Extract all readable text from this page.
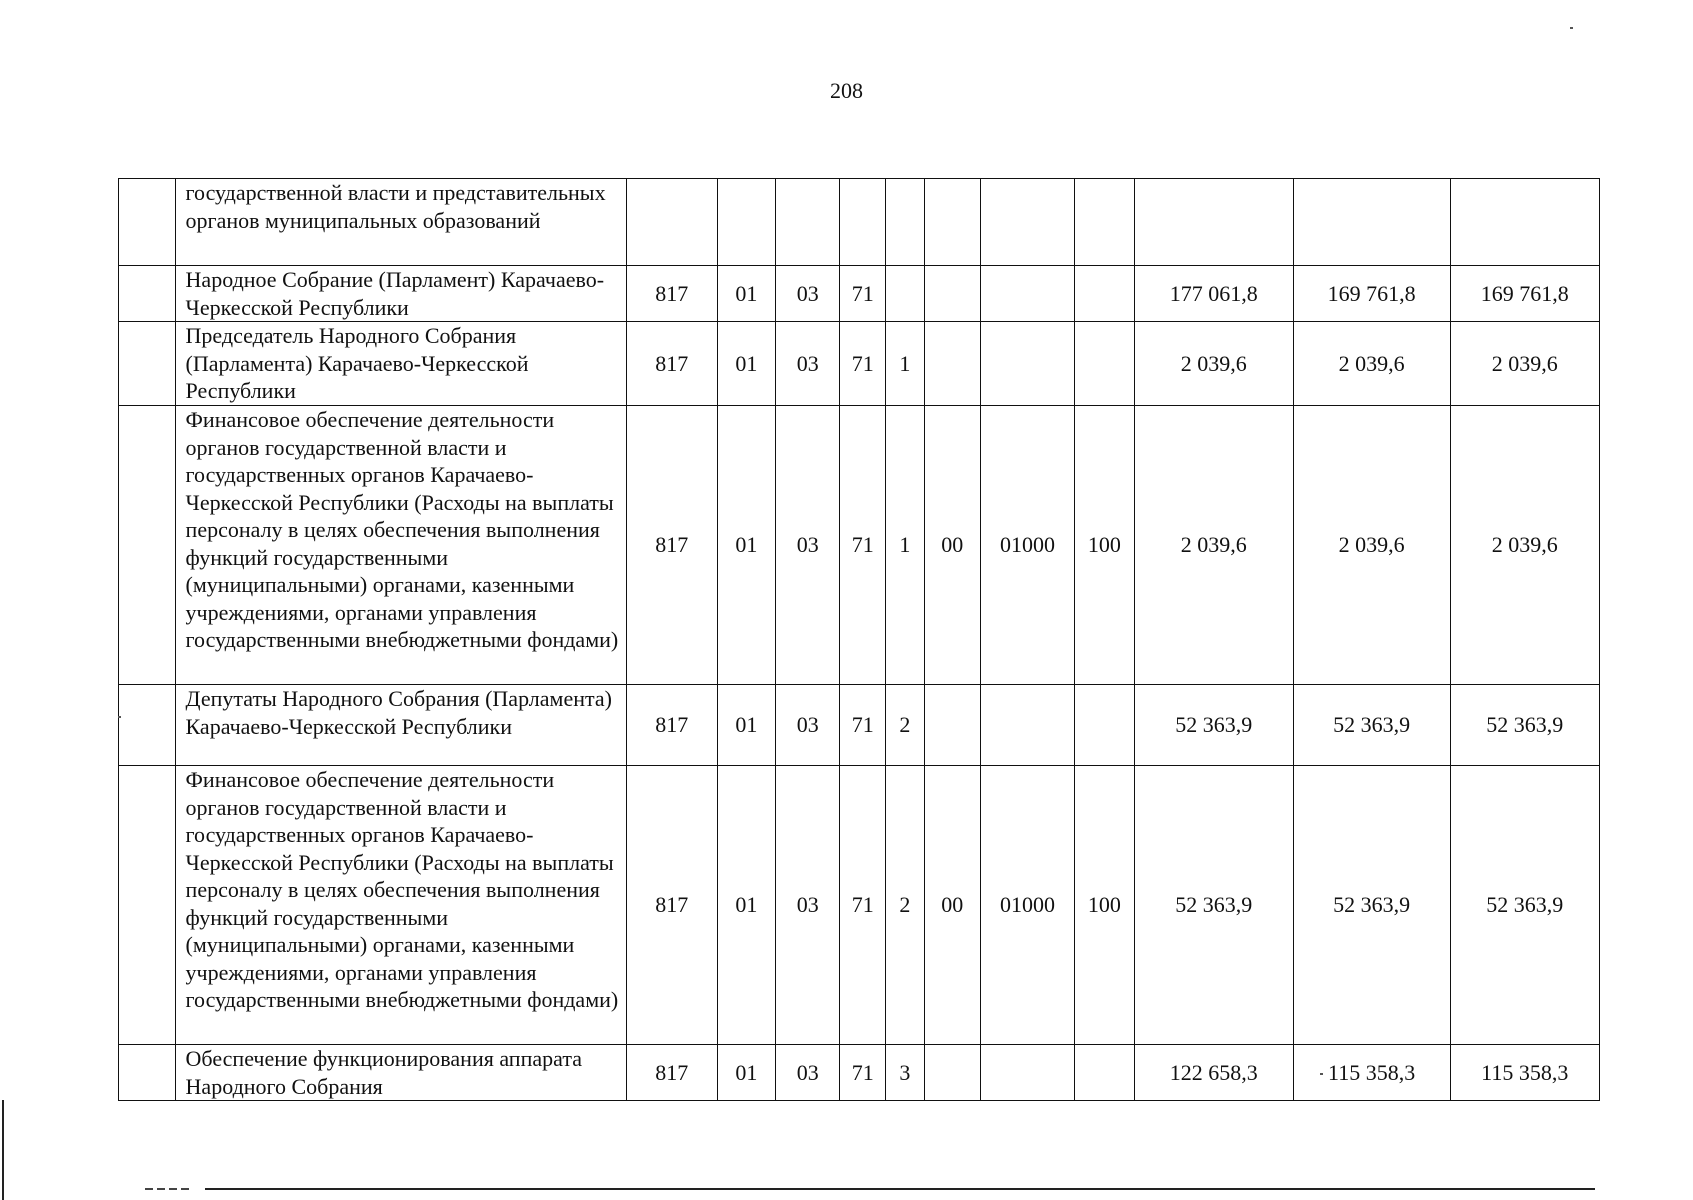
208
	государственной власти и представительных органов муниципальных образований											
	Народное Собрание (Парламент) Карачаево-Черкесской Республики	817	01	03	71					177 061,8	169 761,8	169 761,8
	Председатель Народного Собрания (Парламента) Карачаево-Черкесской Республики	817	01	03	71	1				2 039,6	2 039,6	2 039,6
	Финансовое обеспечение деятельности органов государственной власти и государственных органов Карачаево-Черкесской Республики (Расходы на выплаты персоналу в целях обеспечения выполнения функций государственными (муниципальными) органами, казенными учреждениями, органами управления государственными внебюджетными фондами)	817	01	03	71	1	00	01000	100	2 039,6	2 039,6	2 039,6
	Депутаты Народного Собрания (Парламента) Карачаево-Черкесской Республики	817	01	03	71	2				52 363,9	52 363,9	52 363,9
	Финансовое обеспечение деятельности органов государственной власти и государственных органов Карачаево-Черкесской Республики (Расходы на выплаты персоналу в целях обеспечения выполнения функций государственными (муниципальными) органами, казенными учреждениями, органами управления государственными внебюджетными фондами)	817	01	03	71	2	00	01000	100	52 363,9	52 363,9	52 363,9
	Обеспечение функционирования аппарата Народного Собрания	817	01	03	71	3				122 658,3	115 358,3	115 358,3
